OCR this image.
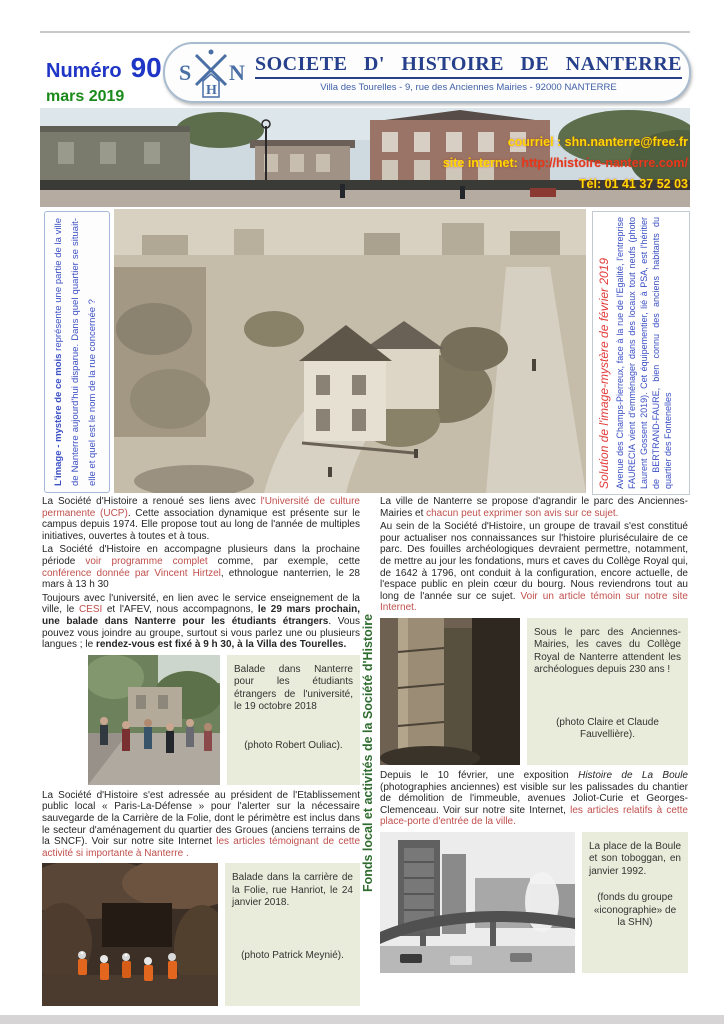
Numéro 90
mars 2019
courriel : shn.nanterre@free.fr
site internet: http://histoire-nanterre.com/
Tél: 01 41 37 52 03
S N
H
SOCIETE D' HISTOIRE DE NANTERRE
Villa des Tourelles - 9, rue des Anciennes Mairies - 92000 NANTERRE
L'image - mystère de ce mois représente une partie de la ville de Nanterre aujourd'hui disparue. Dans quel quartier se situait-elle et quel est le nom de la rue concernée ?	Solution de l'image-mystère de février 2019 Avenue des Champs-Pierreux, face à la rue de l'Egalité, l'entreprise FAURECIA vient d'emménager dans des locaux tout neufs (photo Laurent Gossent 2019). Cet équipementier, lié à PSA, est l'héritier de BERTRAND-FAURE, bien connu des anciens habitants du quartier des Fontenelles
Fonds local et activités de la Société d'Histoire

La Société d'Histoire a renoué ses liens avec l'Université de culture permanente (UCP). Cette association dynamique est présente sur le campus depuis 1974. Elle propose tout au long de l'année de multiples initiatives, ouvertes à toutes et à tous.

La Société d'Histoire en accompagne plusieurs dans la prochaine période voir programme complet comme, par exemple, cette conférence donnée par Vincent Hirtzel, ethnologue nanterrien, le 28 mars à 13 h 30

Toujours avec l'université, en lien avec le service enseignement de la ville, le CESI et l'AFEV, nous accompagnons, le 29 mars prochain, une balade dans Nanterre pour les étudiants étrangers. Vous pouvez vous joindre au groupe, surtout si vous parlez une ou plusieurs langues ; le rendez-vous est fixé à 9 h 30, à la Villa des Tourelles.

Balade dans Nanterre pour les étudiants étrangers de l'université, le 19 octobre 2018
(photo Robert Ouliac).

La Société d'Histoire s'est adressée au président de l'Etablissement public local « Paris-La-Défense » pour l'alerter sur la nécessaire sauvegarde de la Carrière de la Folie, dont le périmètre est inclus dans le secteur d'aménagement du quartier des Groues (anciens terrains de la SNCF). Voir sur notre site Internet les articles témoignant de cette activité si importante à Nanterre .

Balade dans la carrière de la Folie, rue Hanriot, le 24 janvier 2018.
(photo Patrick Meynié).

La ville de Nanterre se propose d'agrandir le parc des Anciennes-Mairies et chacun peut exprimer son avis sur ce sujet.

Au sein de la Société d'Histoire, un groupe de travail s'est constitué pour actualiser nos connaissances sur l'histoire pluriséculaire de ce parc. Des fouilles archéologiques devraient permettre, notamment, de mettre au jour les fondations, murs et caves du Collège Royal qui, de 1642 à 1796, ont conduit à la configuration, encore actuelle, de l'espace public en plein cœur du bourg. Nous reviendrons tout au long de l'année sur ce sujet. Voir un article témoin sur notre site Internet.

Sous le parc des Anciennes-Mairies, les caves du Collège Royal de Nanterre attendent les archéologues depuis 230 ans !
(photo Claire et Claude Fauvellière).

Depuis le 10 février, une exposition Histoire de La Boule (photographies anciennes) est visible sur les palissades du chantier de démolition de l'immeuble, avenues Joliot-Curie et Georges-Clemenceau. Voir sur notre site Internet, les articles relatifs à cette place-porte d'entrée de la ville.

La place de la Boule et son toboggan, en janvier 1992.
(fonds du groupe «iconographie» de la SHN)
